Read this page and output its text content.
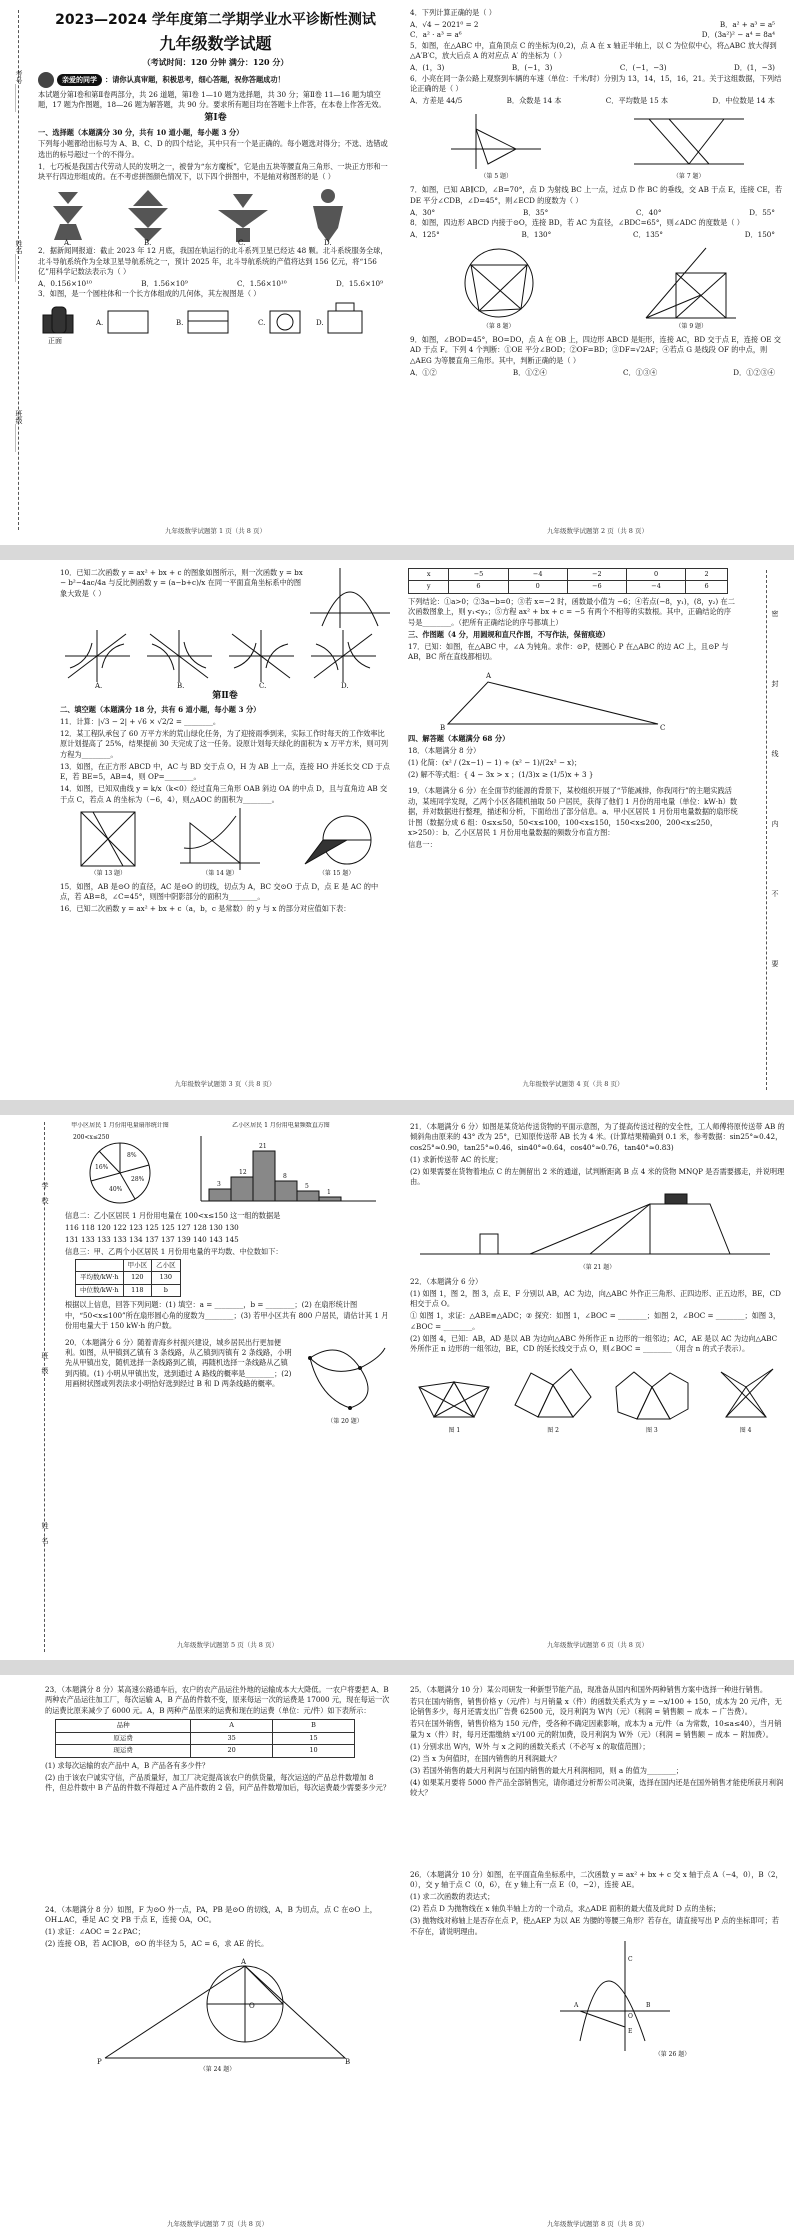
考号________
姓名________
班级________
2023—2024 学年度第二学期学业水平诊断性测试
九年级数学试题
（考试时间：120 分钟 满分：120 分）

亲爱的同学 ：请你认真审题，积极思考，细心答题，祝你答题成功！

本试题分第Ⅰ卷和第Ⅱ卷两部分，共 26 道题，第Ⅰ卷 1—10 题为选择题，共 30 分；第Ⅱ卷 11—16 题为填空题，17 题为作图题，18—26 题为解答题，共 90 分。要求所有题目均在答题卡上作答，在本卷上作答无效。

第Ⅰ卷

一、选择题（本题满分 30 分，共有 10 道小题，每小题 3 分）

下列每小题都给出标号为 A、B、C、D 的四个结论，其中只有一个是正确的。每小题选对得分；不选、选错或选出的标号超过一个的不得分。

1．七巧板是我国古代劳动人民的发明之一，被誉为“东方魔板”，它是由五块等腰直角三角形、一块正方形和一块平行四边形组成的。在不考虑拼图颜色情况下，以下四个拼图中，不是轴对称图形的是（ ）

A.	B.	C.	D.

2．据新闻网报道：截止 2023 年 12 月底，我国在轨运行的北斗系列卫星已经达 48 颗。北斗系统服务全球，北斗导航系统作为全球卫星导航系统之一，预计 2025 年，北斗导航系统的产值将达到 156 亿元，将“156 亿”用科学记数法表示为（ ）

A．0.156×10¹⁰	B．1.56×10⁹	C．1.56×10¹⁰	D．15.6×10⁹

3．如图，是一个圆柱体和一个长方体组成的几何体，其左视图是（ ）

正面
A.	B.	C.	D.
九年级数学试题第 1 页（共 8 页）

4．下列计算正确的是（ ）

A．√4 − 2021⁰ = 2	B．a² + a³ = a⁵
C．a² · a³ = a⁶	D．(3a²)² − a⁴ = 8a⁴

5．如图，在△ABC 中，直角顶点 C 的坐标为(0,2)，点 A 在 x 轴正半轴上，以 C 为位似中心，将△ABC 放大得到△A′B′C，放大后点 A 的对应点 A′ 的坐标为（ ）

A．(1，3)	B．(−1，3)	C．(−1，−3)	D．(1，−3)

6．小亮在同一条公路上观察到车辆的车速（单位：千米/时）分别为 13，14，15，16，21。关于这组数据，下列结论正确的是（ ）

A．方差是 44/5	B．众数是 14 本	C．平均数是 15 本	D．中位数是 14 本
（第 5 题）	（第 7 题）

7．如图，已知 AB∥CD，∠B=70°，点 D 为射线 BC 上一点，过点 D 作 BC 的垂线，交 AB 于点 E，连接 CE，若 DE 平分∠CDB，∠D=45°，则∠ECD 的度数为（ ）

A．30°	B．35°	C．40°	D．55°

8．如图，四边形 ABCD 内接于⊙O，连接 BD，若 AC 为直径，∠BDC=65°，则∠ADC 的度数是（ ）

A．125°	B．130°	C．135°	D．150°
（第 8 题）	（第 9 题）

9．如图，∠BOD=45°，BO=DO，点 A 在 OB 上，四边形 ABCD 是矩形，连接 AC，BD 交于点 E，连接 OE 交 AD 于点 F。下列 4 个判断：①OE 平分∠BOD；②OF=BD；③DF=√2AF；④若点 G 是线段 OF 的中点，则△AEG 为等腰直角三角形。其中，判断正确的是（ ）

A．①②	B．①②④	C．①③④	D．①②③④
九年级数学试题第 2 页（共 8 页）

10．已知二次函数 y = ax² + bx + c 的图象如图所示，则一次函数 y = bx − b²−4ac/4a 与反比例函数 y = (a−b+c)/x 在同一平面直角坐标系中的图象大致是（ ）

A.	B.	C.	D.
第Ⅱ卷

二、填空题（本题满分 18 分，共有 6 道小题，每小题 3 分）

11．计算：|√3 − 2| + √6 × √2/2 = ________。

12．某工程队承包了 60 万平方米的荒山绿化任务，为了迎接雨季到来，实际工作时每天的工作效率比原计划提高了 25%，结果提前 30 天完成了这一任务。设原计划每天绿化的面积为 x 万平方米，则可列方程为________。

13．如图，在正方形 ABCD 中，AC 与 BD 交于点 O，H 为 AB 上一点，连接 HO 并延长交 CD 于点 E，若 BE=5，AB=4，则 OP=________。

14．如图，已知双曲线 y = k/x（k<0）经过直角三角形 OAB 斜边 OA 的中点 D，且与直角边 AB 交于点 C，若点 A 的坐标为（−6，4），则△AOC 的面积为________。

（第 13 题）	（第 14 题）	（第 15 题）

15．如图，AB 是⊙O 的直径，AC 是⊙O 的切线，切点为 A，BC 交⊙O 于点 D，点 E 是 AC 的中点，若 AB=8，∠C=45°，则图中阴影部分的面积为________。

16．已知二次函数 y = ax² + bx + c（a，b，c 是常数）的 y 与 x 的部分对应值如下表：

九年级数学试题第 3 页（共 8 页）
x	−5	−4	−2	0	2
y	6	0	−6	−4	6

下列结论：①a>0；②3a−b=0；③若 x=−2 时，函数最小值为 −6；④若点(−8，y₁)，(8，y₂) 在二次函数图象上，则 y₁<y₂；⑤方程 ax² + bx + c = −5 有两个不相等的实数根。其中，正确结论的序号是________。（把所有正确结论的序号都填上）

三、作图题（4 分，用圆规和直尺作图，不写作法，保留痕迹）

17．已知：如图，在△ABC 中，∠A 为钝角。求作：⊙P，使圆心 P 在△ABC 的边 AC 上，且⊙P 与 AB，BC 所在直线都相切。

A
B	C

四、解答题（本题满分 68 分）

18．（本题满分 8 分）

(1) 化简：(x² / (2x−1) − 1) ÷ (x² − 1)/(2x² − x)；

(2) 解不等式组：{ 4 − 3x > x ；(1/3)x ≥ (1/5)x + 3 }

19．（本题满分 6 分）在全面节约能源的背景下，某校组织开展了“节能减排，你我同行”的主题实践活动，某班同学发现，乙两个小区各随机抽取 50 户居民，获得了他们 1 月份的用电量（单位：kW·h）数据，并对数据进行整理，描述和分析，下面给出了部分信息。a．甲小区居民 1 月份用电量数据的扇形统计图（数据分成 6 组：0≤x≤50，50<x≤100，100<x≤150，150<x≤200，200<x≤250，x>250）：b．乙小区居民 1 月份用电量数据的频数分布直方图：

信息一：

九年级数学试题第 4 页（共 8 页）
密
封
线
内
不
要
学
校
班
级
姓
名
甲小区居民 1 月份用电量扇形统计图
200<x≤250
8%
16%
40%
28%
乙小区居民 1 月份用电量频数直方图
3
12
21
8
5
1

信息二：乙小区居民 1 月份用电量在 100<x≤150 这一组的数据是

116 118 120 122 123 125 125 127 128 130 130

131 133 133 133 134 137 137 139 140 143 145

信息三：甲、乙两个小区居民 1 月份用电量的平均数、中位数如下：

	甲小区	乙小区
平均数/kW·h	120	130
中位数/kW·h	118	b

根据以上信息，回答下列问题：(1) 填空：a = ________，b = ________；(2) 在扇形统计图中，“50<x≤100”所在扇形圆心角的度数为________；(3) 若甲小区共有 800 户居民，请估计其 1 月份用电量大于 150 kW·h 的户数。

20．（本题满分 6 分）随着青海乡村振兴建设，城乡居民出行更加便利。如图，从甲镇到乙镇有 3 条线路，从乙镇到丙镇有 2 条线路，小明先从甲镇出发，随机选择一条线路到乙镇，再随机选择一条线路从乙镇到丙镇。(1) 小明从甲镇出发，选到通过 A 路线的概率是________；(2) 用画树状图或列表法求小明恰好选到经过 B 和 D 两条线路的概率。

（第 20 题）
九年级数学试题第 5 页（共 8 页）

21．（本题满分 6 分）如图是某货站传送货物的平面示意图，为了提高传送过程的安全性，工人师傅将原传送带 AB 的倾斜角由原来的 43° 改为 25°，已知原传送带 AB 长为 4 米。(计算结果精确到 0.1 米，参考数据：sin25°≈0.42，cos25°≈0.90，tan25°≈0.46，sin40°≈0.64，cos40°≈0.76，tan40°≈0.83)

(1) 求新传送带 AC 的长度；

(2) 如果需要在货物着地点 C 的左侧留出 2 米的通道，试判断距离 B 点 4 米的货物 MNQP 是否需要挪走，并说明理由。

（第 21 题）

22．（本题满分 6 分）

(1) 如图 1，图 2，图 3，点 E、F 分别以 AB，AC 为边，向△ABC 外作正三角形、正四边形、正五边形，BE，CD 相交于点 O。

① 如图 1，求证：△ABE≌△ADC；② 探究：如图 1，∠BOC = ________；如图 2，∠BOC = ________；如图 3，∠BOC = ________。

(2) 如图 4，已知：AB，AD 是以 AB 为边向△ABC 外所作正 n 边形的一组邻边；AC，AE 是以 AC 为边向△ABC 外所作正 n 边形的一组邻边，BE，CD 的延长线交于点 O，则∠BOC = ________（用含 n 的式子表示）。

图 1	图 2	图 3	图 4
九年级数学试题第 6 页（共 8 页）

23．（本题满分 8 分）某高速公路通车后，农户的农产品运往外地的运输成本大大降低。一农户将要把 A、B 两种农产品运往加工厂，每次运输 A，B 产品的件数不变，原来每运一次的运费是 17000 元，现在每运一次的运费比原来减少了 6000 元。A，B 两种产品原来的运费和现在的运费（单位：元/件）如下表所示：

品种	A	B
原运费	35	15
现运费	20	10

(1) 求每次运输的农产品中 A，B 产品各有多少件？

(2) 由于该农户诚实守信，产品质量好，加工厂决定提高该农户的供货量，每次运送的产品总件数增加 8 件，但总件数中 B 产品的件数不得超过 A 产品件数的 2 倍，问产品件数增加后，每次运费最少需要多少元？

24．（本题满分 8 分）如图，F 为⊙O 外一点，PA，PB 是⊙O 的切线，A，B 为切点，点 C 在⊙O 上，OH⊥AC，垂足 AC 交 PB 于点 E，连接 OA，OC。

(1) 求证：∠AOC = 2∠PAC；

(2) 连接 OB，若 AC∥OB，⊙O 的半径为 5，AC = 6，求 AE 的长。

A
P	B
O
（第 24 题）
九年级数学试题第 7 页（共 8 页）

25．（本题满分 10 分）某公司研发一种新型节能产品，现准备从国内和国外两种销售方案中选择一种进行销售。

若只在国内销售，销售价格 y（元/件）与月销量 x（件）的函数关系式为 y = −x/100 + 150，成本为 20 元/件，无论销售多少，每月还需支出广告费 62500 元，设月利润为 W内（元）（利润 = 销售额 − 成本 − 广告费）。

若只在国外销售，销售价格为 150 元/件，受各种不确定因素影响，成本为 a 元/件（a 为常数，10≤a≤40），当月销量为 x（件）时，每月还需缴纳 x²/100 元的附加费，设月利润为 W外（元）（利润 = 销售额 − 成本 − 附加费）。

(1) 分别求出 W内，W外 与 x 之间的函数关系式（不必写 x 的取值范围）；

(2) 当 x 为何值时，在国内销售的月利润最大？

(3) 若国外销售的最大月利润与在国内销售的最大月利润相同，则 a 的值为________；

(4) 如果某月要将 5000 件产品全部销售完，请你通过分析帮公司决策，选择在国内还是在国外销售才能使所获月利润较大？

26．（本题满分 10 分）如图，在平面直角坐标系中，二次函数 y = ax² + bx + c 交 x 轴于点 A（−4，0），B（2，0），交 y 轴于点 C（0，6），在 y 轴上有一点 E（0，−2），连接 AE。

(1) 求二次函数的表达式；

(2) 若点 D 为抛物线在 x 轴负半轴上方的一个动点，求△ADE 面积的最大值及此时 D 点的坐标；

(3) 抛物线对称轴上是否存在点 P，使△AEP 为以 AE 为腰的等腰三角形？若存在，请直接写出 P 点的坐标即可；若不存在，请说明理由。

A	B
C
E
O
（第 26 题）
九年级数学试题第 8 页（共 8 页）
